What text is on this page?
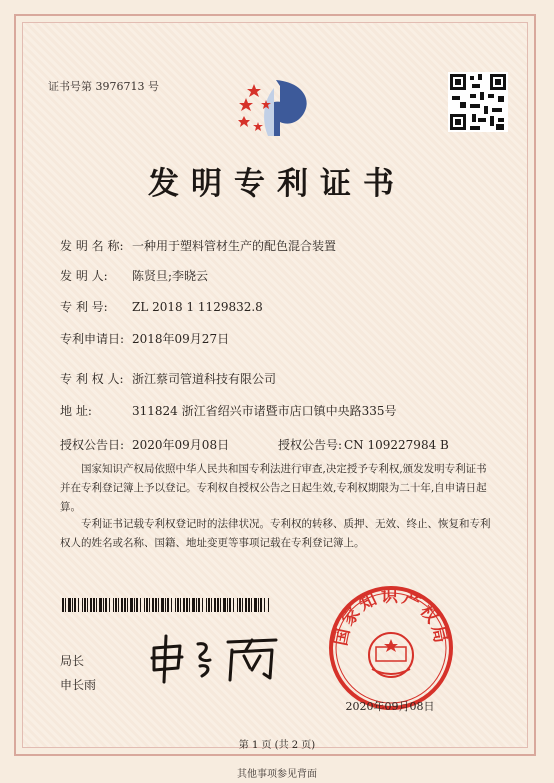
证书号第 3976713 号
发明专利证书
发 明 名 称: 一种用于塑料管材生产的配色混合装置
发 明 人: 陈贤旦;李晓云
专 利 号: ZL 2018 1 1129832.8
专利申请日: 2018年09月27日
专 利 权 人: 浙江蔡司管道科技有限公司
地 址:	311824 浙江省绍兴市诸暨市店口镇中央路335号
授权公告日: 2020年09月08日	授权公告号: CN 109227984 B
国家知识产权局依照中华人民共和国专利法进行审查,决定授予专利权,颁发发明专利证书并在专利登记簿上予以登记。专利权自授权公告之日起生效,专利权期限为二十年,自申请日起算。
专利证书记载专利权登记时的法律状况。专利权的转移、质押、无效、终止、恢复和专利权人的姓名或名称、国籍、地址变更等事项记载在专利登记簿上。
局长
申长雨
国家知识产权局
2020年09月08日
第 1 页 (共 2 页)
其他事项参见背面
